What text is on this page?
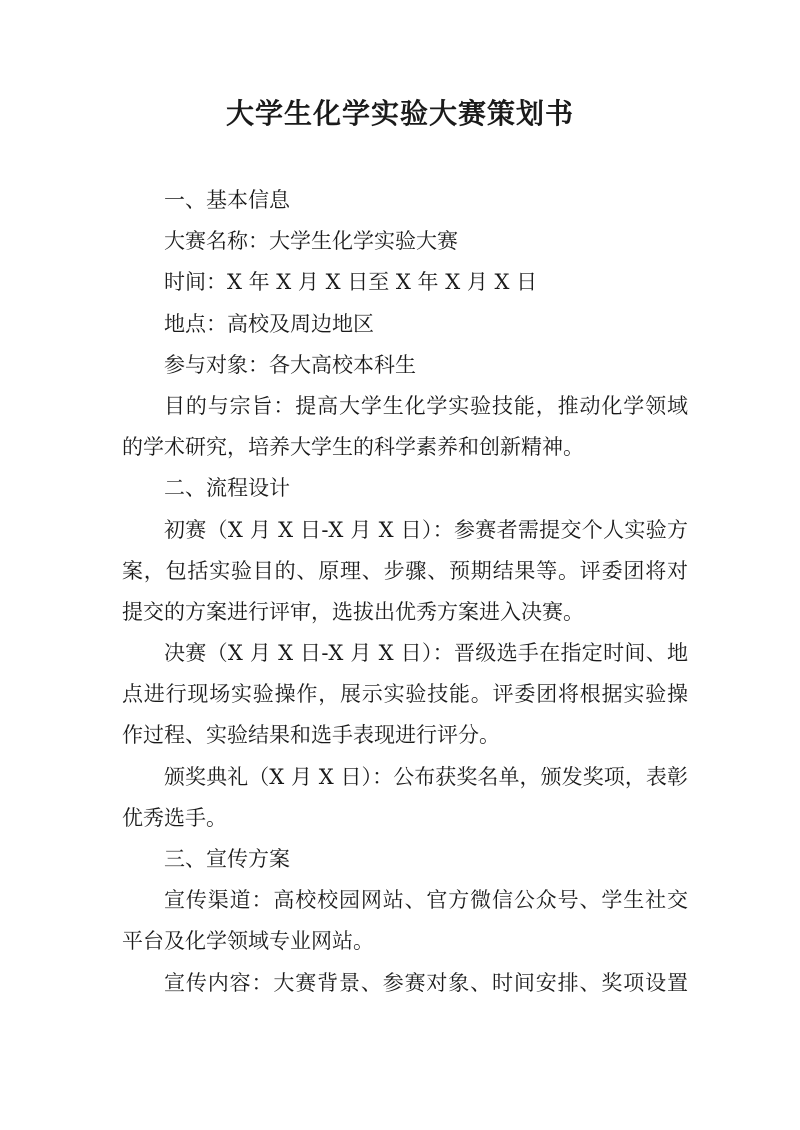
大学生化学实验大赛策划书

一、基本信息

大赛名称：大学生化学实验大赛

时间：X 年 X 月 X 日至 X 年 X 月 X 日

地点：高校及周边地区

参与对象：各大高校本科生

目的与宗旨：提高大学生化学实验技能，推动化学领域

的学术研究，培养大学生的科学素养和创新精神。

二、流程设计

初赛（X 月 X 日-X 月 X 日）：参赛者需提交个人实验方

案，包括实验目的、原理、步骤、预期结果等。评委团将对

提交的方案进行评审，选拔出优秀方案进入决赛。

决赛（X 月 X 日-X 月 X 日）：晋级选手在指定时间、地

点进行现场实验操作，展示实验技能。评委团将根据实验操

作过程、实验结果和选手表现进行评分。

颁奖典礼（X 月 X 日）：公布获奖名单，颁发奖项，表彰

优秀选手。

三、宣传方案

宣传渠道：高校校园网站、官方微信公众号、学生社交

平台及化学领域专业网站。

宣传内容：大赛背景、参赛对象、时间安排、奖项设置
